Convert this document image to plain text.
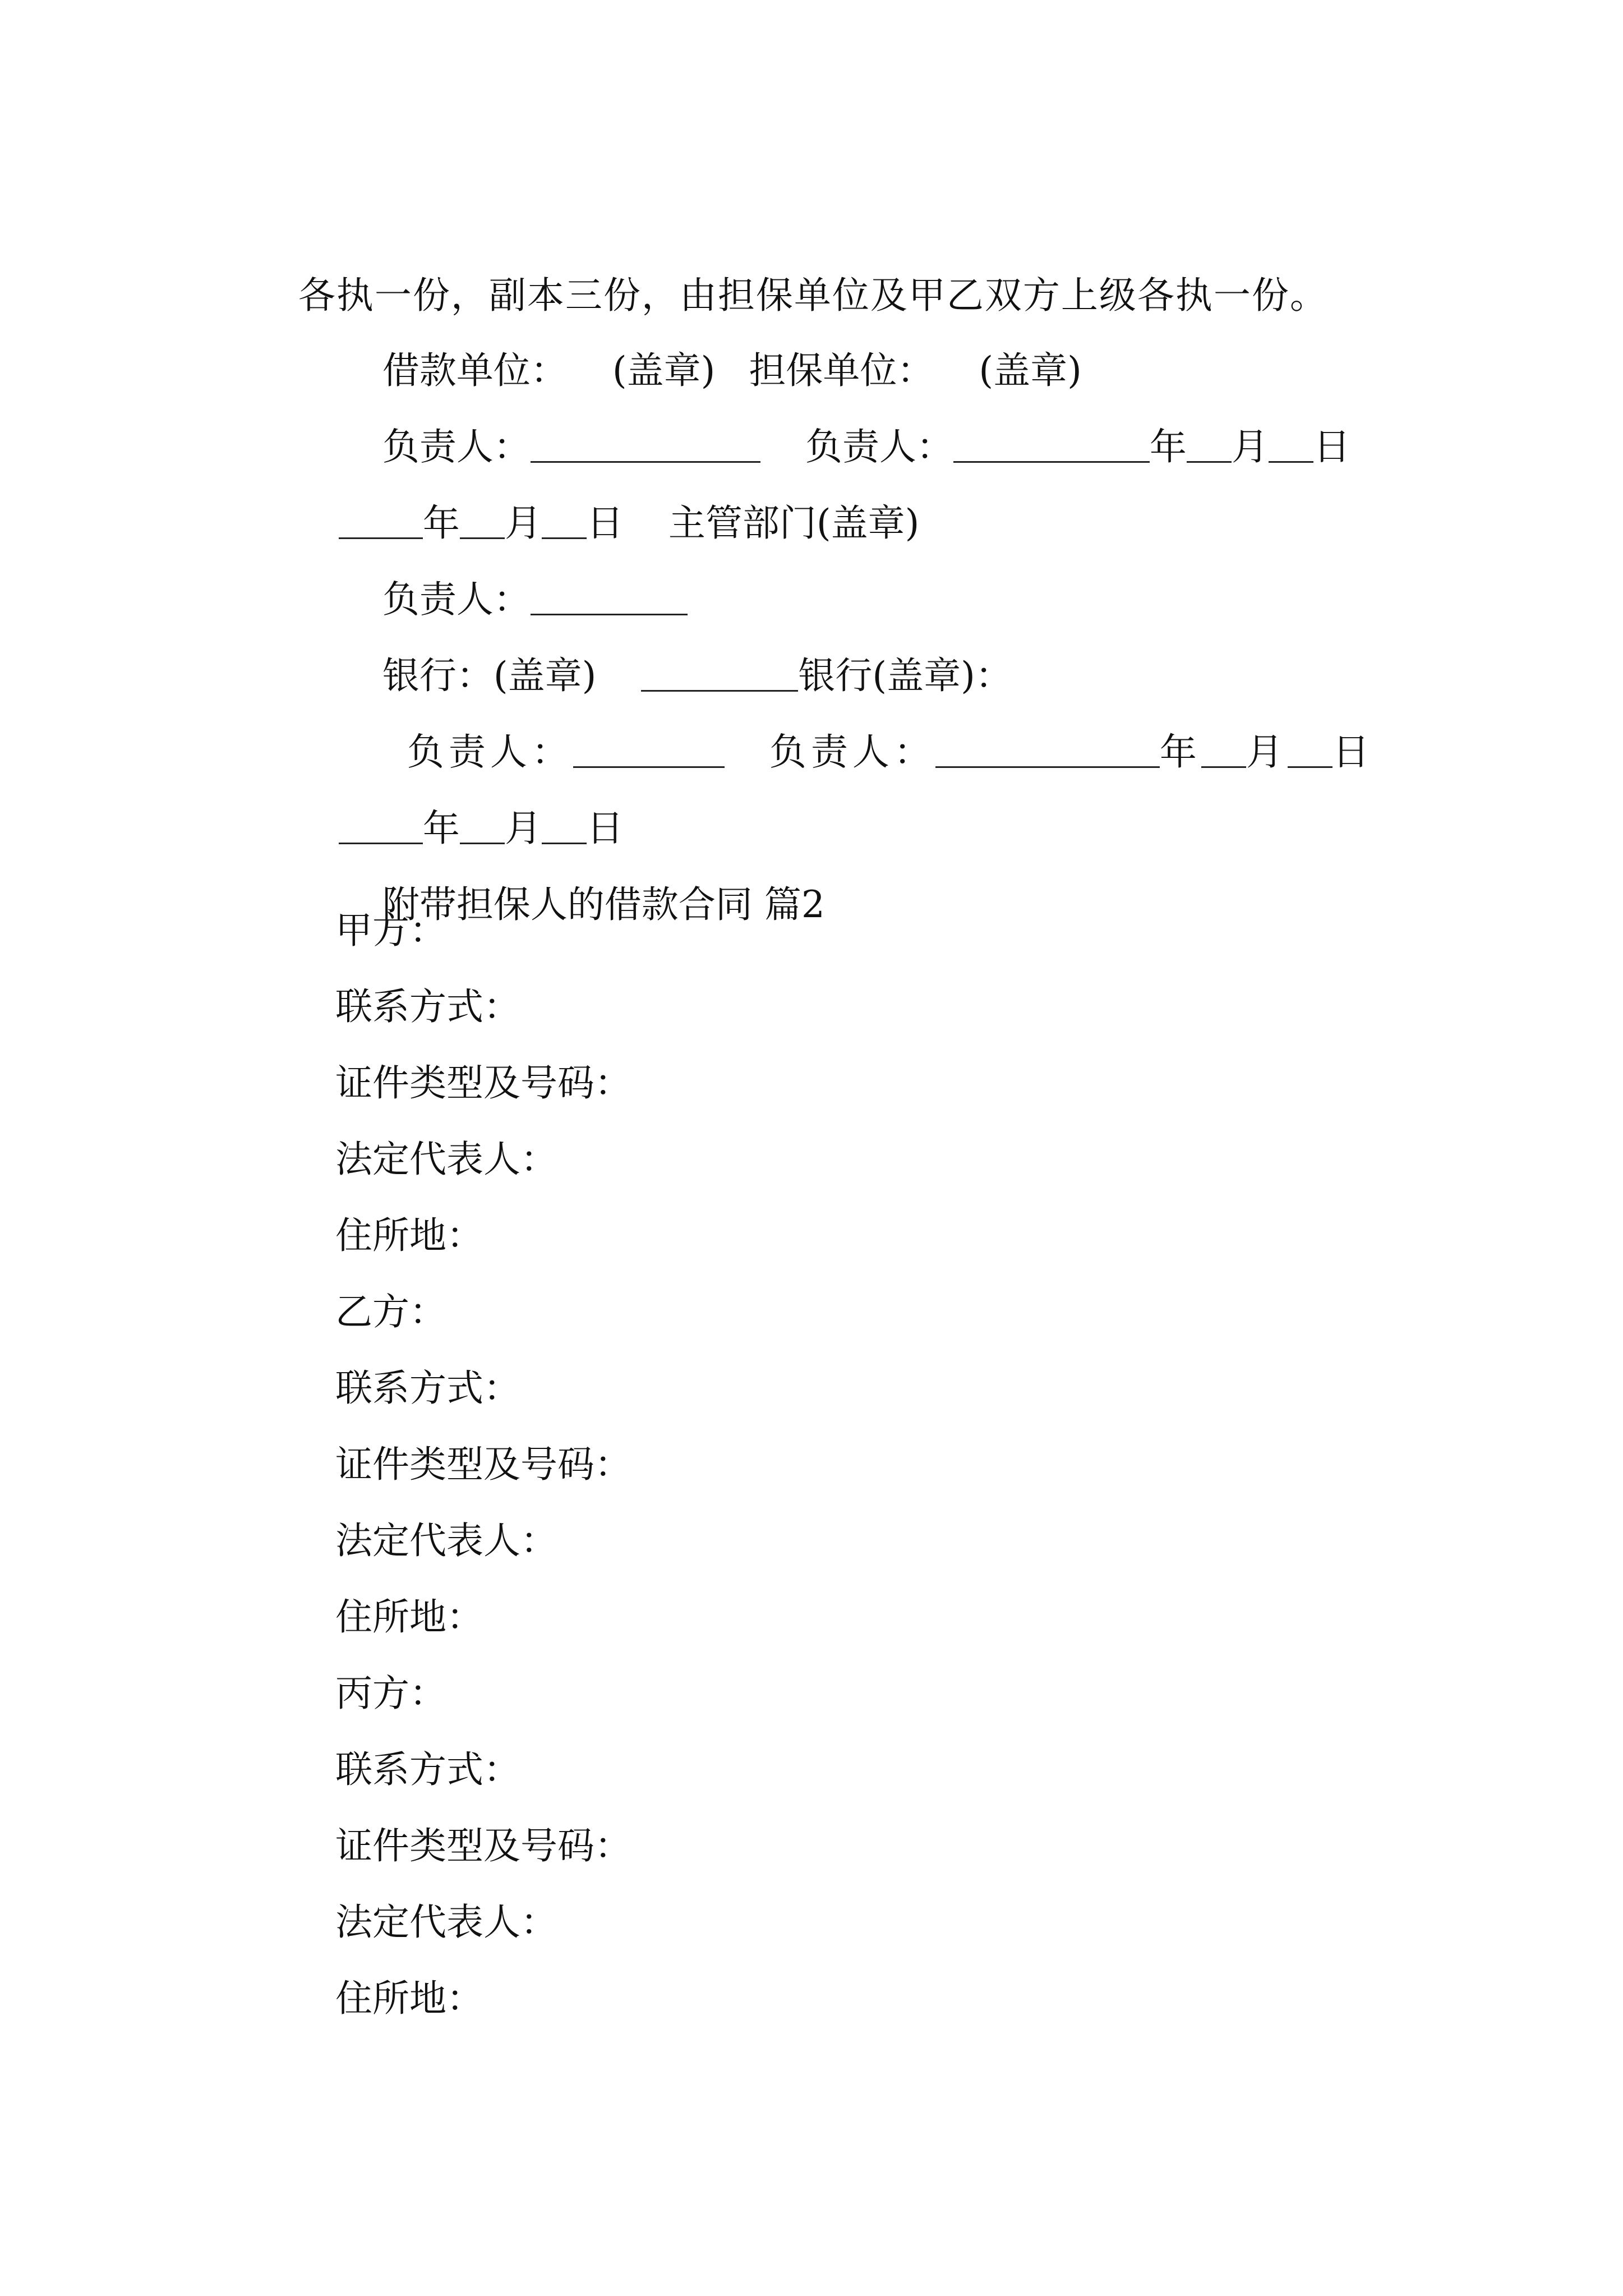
各执一份，副本三份，由担保单位及甲乙双方上级各执一份。

借款单位： (盖章) 担保单位： (盖章)

负责人：	负责人：	年 月 日

年 月 日 主管部门(盖章)

负责人：

银行：(盖章)	银行(盖章)：

负责人：	负责人：	年 月 日

年 月 日

附带担保人的借款合同 篇2

甲方：
联系方式：
证件类型及号码：
法定代表人：
住所地：
乙方：
联系方式：
证件类型及号码：
法定代表人：
住所地：
丙方：
联系方式：
证件类型及号码：
法定代表人：
住所地：
